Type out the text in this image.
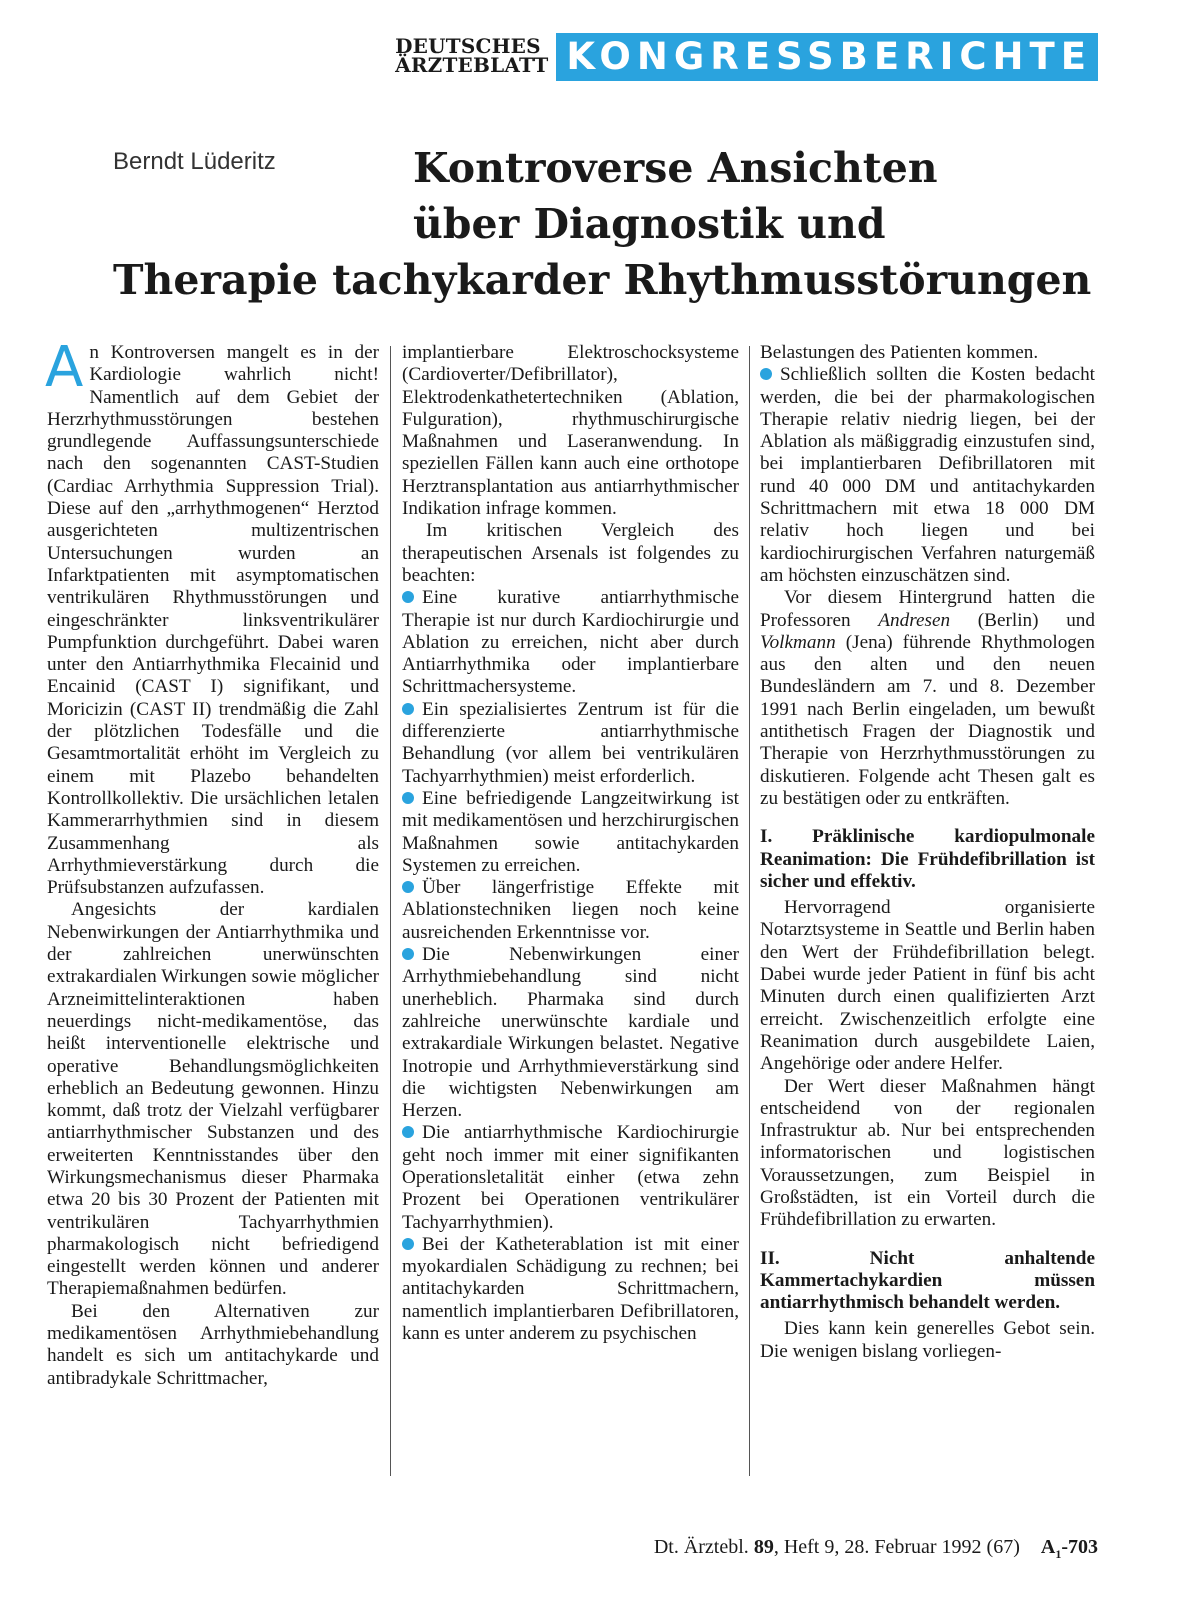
DEUTSCHES
ÄRZTEBLATT KONGRESSBERICHTE
Berndt Lüderitz	Kontroverse Ansichten
über Diagnostik und
Therapie tachykarder Rhythmusstörungen

An Kontroversen mangelt es in der Kardiologie wahrlich nicht! Namentlich auf dem Gebiet der Herzrhythmusstörungen bestehen grundlegende Auffassungsunterschiede nach den sogenannten CAST-Studien (Cardiac Arrhythmia Suppression Trial). Diese auf den „arrhythmogenen“ Herztod ausgerichteten multizentrischen Untersuchungen wurden an Infarktpatienten mit asymptomatischen ventrikulären Rhythmusstörungen und eingeschränkter linksventrikulärer Pumpfunktion durchgeführt. Dabei waren unter den Antiarrhythmika Flecainid und Encainid (CAST I) signifikant, und Moricizin (CAST II) trendmäßig die Zahl der plötzlichen Todesfälle und die Gesamtmortalität erhöht im Vergleich zu einem mit Plazebo behandelten Kontrollkollektiv. Die ursächlichen letalen Kammerarrhythmien sind in diesem Zusammenhang als Arrhythmieverstärkung durch die Prüfsubstanzen aufzufassen.

Angesichts der kardialen Nebenwirkungen der Antiarrhythmika und der zahlreichen unerwünschten extrakardialen Wirkungen sowie möglicher Arzneimittelinteraktionen haben neuerdings nicht-medikamentöse, das heißt interventionelle elektrische und operative Behandlungsmöglichkeiten erheblich an Bedeutung gewonnen. Hinzu kommt, daß trotz der Vielzahl verfügbarer antiarrhythmischer Substanzen und des erweiterten Kenntnisstandes über den Wirkungsmechanismus dieser Pharmaka etwa 20 bis 30 Prozent der Patienten mit ventrikulären Tachyarrhythmien pharmakologisch nicht befriedigend eingestellt werden können und anderer Therapiemaßnahmen bedürfen.

Bei den Alternativen zur medikamentösen Arrhythmiebehandlung handelt es sich um antitachykarde und antibradykale Schrittmacher,

implantierbare Elektroschocksysteme (Cardioverter/Defibrillator), Elektrodenkathetertechniken (Ablation, Fulguration), rhythmuschirurgische Maßnahmen und Laseranwendung. In speziellen Fällen kann auch eine orthotope Herztransplantation aus antiarrhythmischer Indikation infrage kommen.

Im kritischen Vergleich des therapeutischen Arsenals ist folgendes zu beachten:

Eine kurative antiarrhythmische Therapie ist nur durch Kardiochirurgie und Ablation zu erreichen, nicht aber durch Antiarrhythmika oder implantierbare Schrittmachersysteme.

Ein spezialisiertes Zentrum ist für die differenzierte antiarrhythmische Behandlung (vor allem bei ventrikulären Tachyarrhythmien) meist erforderlich.

Eine befriedigende Langzeitwirkung ist mit medikamentösen und herzchirurgischen Maßnahmen sowie antitachykarden Systemen zu erreichen.

Über längerfristige Effekte mit Ablationstechniken liegen noch keine ausreichenden Erkenntnisse vor.

Die Nebenwirkungen einer Arrhythmiebehandlung sind nicht unerheblich. Pharmaka sind durch zahlreiche unerwünschte kardiale und extrakardiale Wirkungen belastet. Negative Inotropie und Arrhythmieverstärkung sind die wichtigsten Nebenwirkungen am Herzen.

Die antiarrhythmische Kardiochirurgie geht noch immer mit einer signifikanten Operationsletalität einher (etwa zehn Prozent bei Operationen ventrikulärer Tachyarrhythmien).

Bei der Katheterablation ist mit einer myokardialen Schädigung zu rechnen; bei antitachykarden Schrittmachern, namentlich implantierbaren Defibrillatoren, kann es unter anderem zu psychischen

Belastungen des Patienten kommen.

Schließlich sollten die Kosten bedacht werden, die bei der pharmakologischen Therapie relativ niedrig liegen, bei der Ablation als mäßiggradig einzustufen sind, bei implantierbaren Defibrillatoren mit rund 40 000 DM und antitachykarden Schrittmachern mit etwa 18 000 DM relativ hoch liegen und bei kardiochirurgischen Verfahren naturgemäß am höchsten einzuschätzen sind.

Vor diesem Hintergrund hatten die Professoren Andresen (Berlin) und Volkmann (Jena) führende Rhythmologen aus den alten und den neuen Bundesländern am 7. und 8. Dezember 1991 nach Berlin eingeladen, um bewußt antithetisch Fragen der Diagnostik und Therapie von Herzrhythmusstörungen zu diskutieren. Folgende acht Thesen galt es zu bestätigen oder zu entkräften.

I. Präklinische kardiopulmonale Reanimation: Die Frühdefibrillation ist sicher und effektiv.

Hervorragend organisierte Notarztsysteme in Seattle und Berlin haben den Wert der Frühdefibrillation belegt. Dabei wurde jeder Patient in fünf bis acht Minuten durch einen qualifizierten Arzt erreicht. Zwischenzeitlich erfolgte eine Reanimation durch ausgebildete Laien, Angehörige oder andere Helfer.

Der Wert dieser Maßnahmen hängt entscheidend von der regionalen Infrastruktur ab. Nur bei entsprechenden informatorischen und logistischen Voraussetzungen, zum Beispiel in Großstädten, ist ein Vorteil durch die Frühdefibrillation zu erwarten.

II. Nicht anhaltende Kammertachykardien müssen antiarrhythmisch behandelt werden.

Dies kann kein generelles Gebot sein. Die wenigen bislang vorliegen-

Dt. Ärztebl. 89, Heft 9, 28. Februar 1992 (67) $A_1-703$
